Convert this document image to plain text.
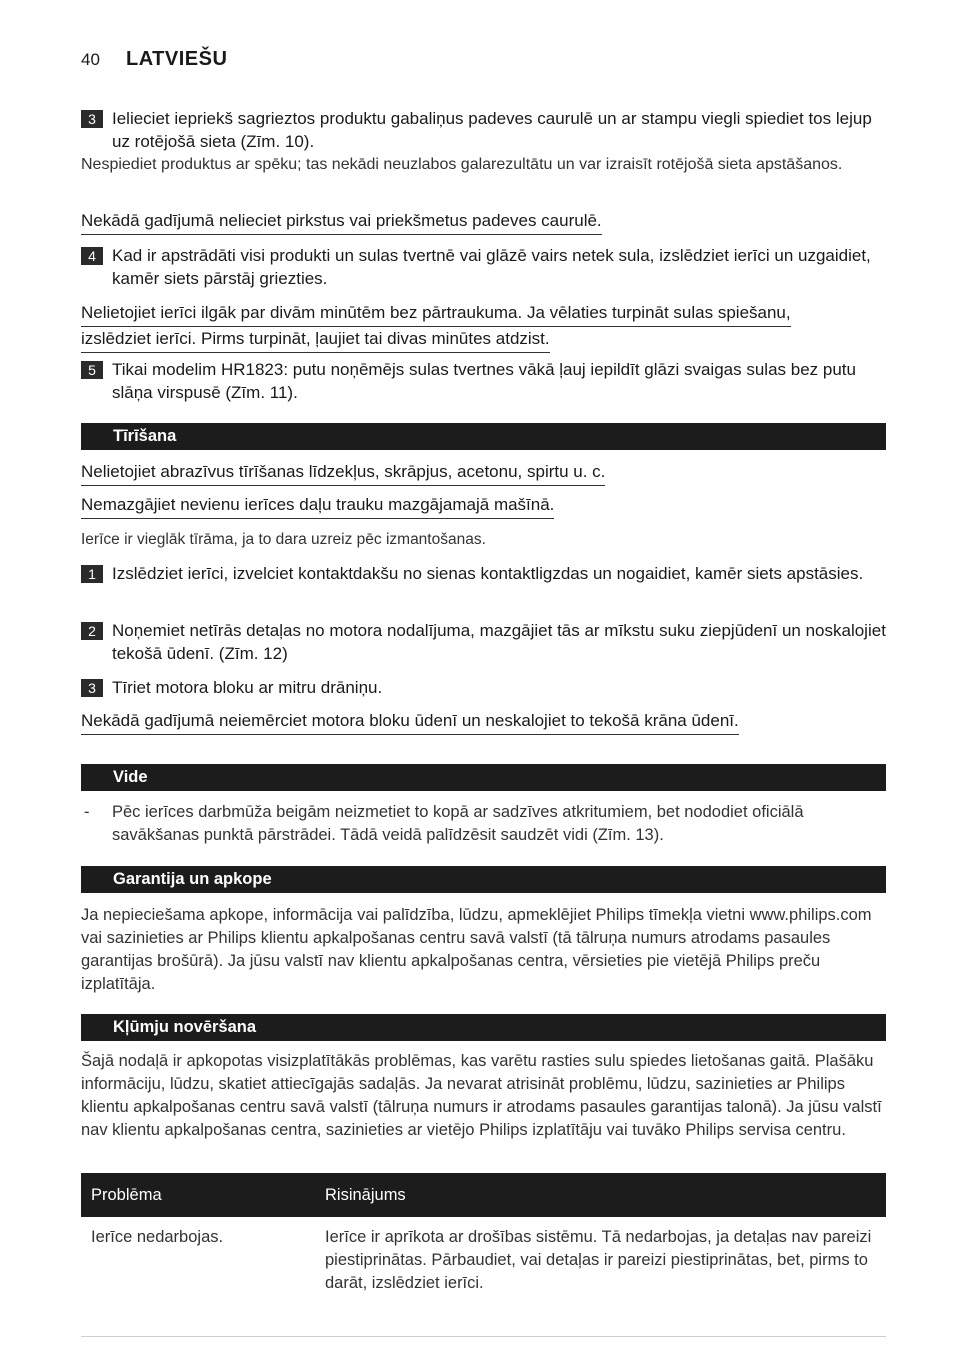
40 LATVIEŠU
3 Ielieciet iepriekš sagrieztos produktu gabaliņus padeves caurulē un ar stampu viegli spiediet tos lejup uz rotējošā sieta (Zīm. 10).
Nespiediet produktus ar spēku; tas nekādi neuzlabos galarezultātu un var izraisīt rotējošā sieta apstāšanos.
Nekādā gadījumā nelieciet pirkstus vai priekšmetus padeves caurulē.
4 Kad ir apstrādāti visi produkti un sulas tvertnē vai glāzē vairs netek sula, izslēdziet ierīci un uzgaidiet, kamēr siets pārstāj griezties.
Nelietojiet ierīci ilgāk par divām minūtēm bez pārtraukuma. Ja vēlaties turpināt sulas spiešanu,
izslēdziet ierīci. Pirms turpināt, ļaujiet tai divas minūtes atdzist.
5 Tikai modelim HR1823: putu noņēmējs sulas tvertnes vākā ļauj iepildīt glāzi svaigas sulas bez putu slāņa virspusē (Zīm. 11).
Tīrīšana
Nelietojiet abrazīvus tīrīšanas līdzekļus, skrāpjus, acetonu, spirtu u. c.
Nemazgājiet nevienu ierīces daļu trauku mazgājamajā mašīnā.
Ierīce ir vieglāk tīrāma, ja to dara uzreiz pēc izmantošanas.
1 Izslēdziet ierīci, izvelciet kontaktdakšu no sienas kontaktligzdas un nogaidiet, kamēr siets apstāsies.
2 Noņemiet netīrās detaļas no motora nodalījuma, mazgājiet tās ar mīkstu suku ziepjūdenī un noskalojiet tekošā ūdenī. (Zīm. 12)
3 Tīriet motora bloku ar mitru drāniņu.
Nekādā gadījumā neiemērciet motora bloku ūdenī un neskalojiet to tekošā krāna ūdenī.
Vide
- Pēc ierīces darbmūža beigām neizmetiet to kopā ar sadzīves atkritumiem, bet nododiet oficiālā savākšanas punktā pārstrādei. Tādā veidā palīdzēsit saudzēt vidi (Zīm. 13).
Garantija un apkope
Ja nepieciešama apkope, informācija vai palīdzība, lūdzu, apmeklējiet Philips tīmekļa vietni www.philips.com vai sazinieties ar Philips klientu apkalpošanas centru savā valstī (tā tālruņa numurs atrodams pasaules garantijas brošūrā). Ja jūsu valstī nav klientu apkalpošanas centra, vērsieties pie vietējā Philips preču izplatītāja.
Kļūmju novēršana
Šajā nodaļā ir apkopotas visizplatītākās problēmas, kas varētu rasties sulu spiedes lietošanas gaitā. Plašāku informāciju, lūdzu, skatiet attiecīgajās sadaļās. Ja nevarat atrisināt problēmu, lūdzu, sazinieties ar Philips klientu apkalpošanas centru savā valstī (tālruņa numurs ir atrodams pasaules garantijas talonā). Ja jūsu valstī nav klientu apkalpošanas centra, sazinieties ar vietējo Philips izplatītāju vai tuvāko Philips servisa centru.
Problēma	Risinājums
Ierīce nedarbojas.	Ierīce ir aprīkota ar drošības sistēmu. Tā nedarbojas, ja detaļas nav pareizi piestiprinātas. Pārbaudiet, vai detaļas ir pareizi piestiprinātas, bet, pirms to darāt, izslēdziet ierīci.
